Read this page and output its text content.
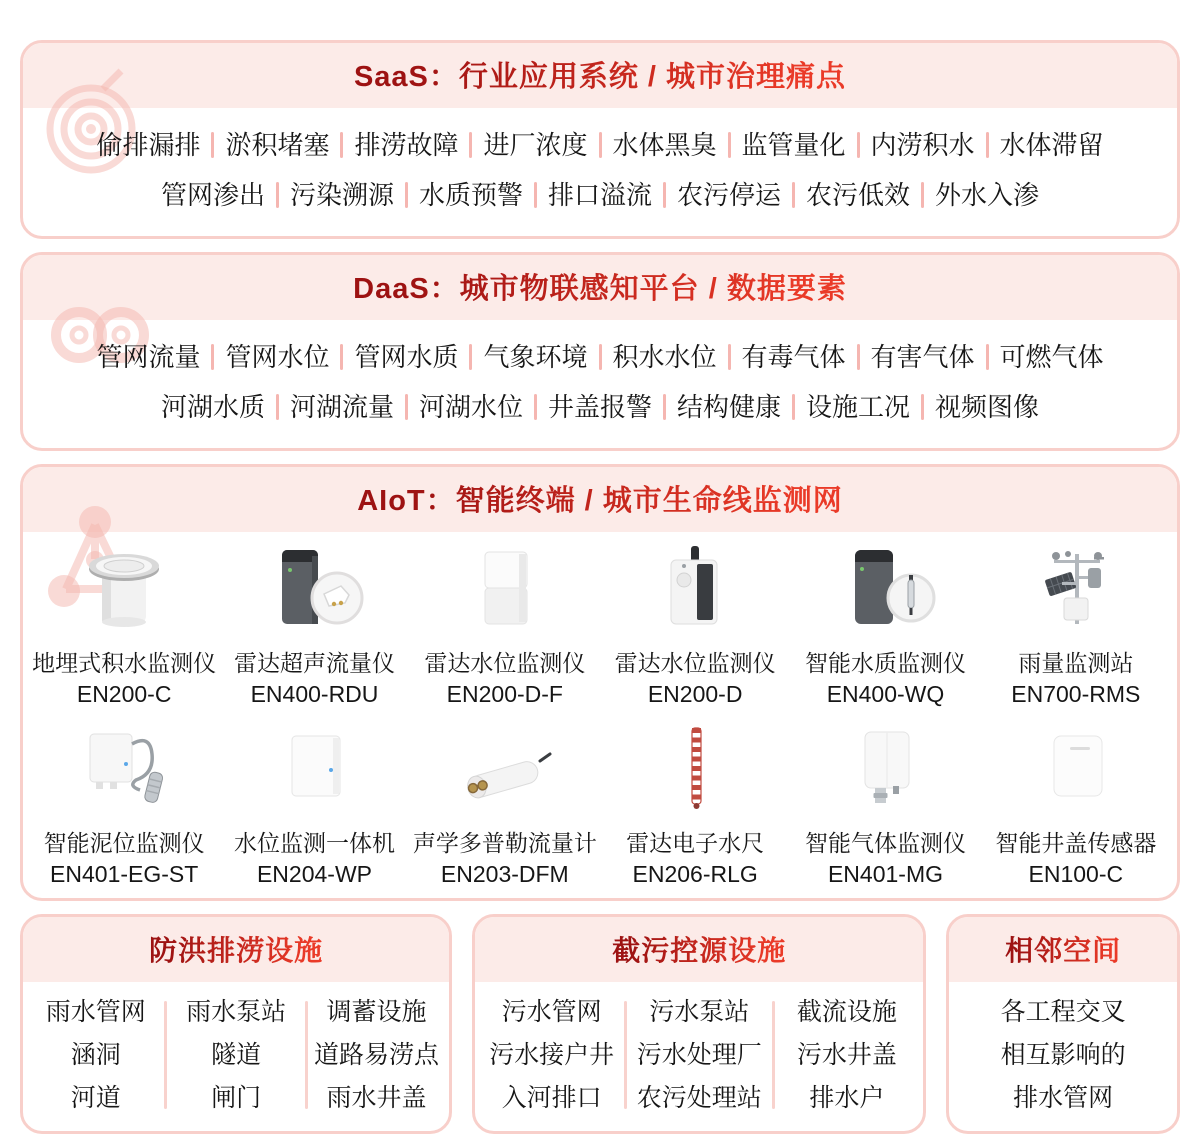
SaaS：行业应用系统 / 城市治理痛点
偷排漏排 淤积堵塞 排涝故障 进厂浓度 水体黑臭 监管量化 内涝积水 水体滞留
管网渗出 污染溯源 水质预警 排口溢流 农污停运 农污低效 外水入渗
DaaS：城市物联感知平台 / 数据要素
管网流量 管网水位 管网水质 气象环境 积水水位 有毒气体 有害气体 可燃气体
河湖水质 河湖流量 河湖水位 井盖报警 结构健康 设施工况 视频图像
AIoT：智能终端 / 城市生命线监测网
地埋式积水监测仪
EN200-C
雷达超声流量仪
EN400-RDU
雷达水位监测仪
EN200-D-F
雷达水位监测仪
EN200-D
智能水质监测仪
EN400-WQ
雨量监测站
EN700-RMS
智能泥位监测仪
EN401-EG-ST
水位监测一体机
EN204-WP
声学多普勒流量计
EN203-DFM
雷达电子水尺
EN206-RLG
智能气体监测仪
EN401-MG
智能井盖传感器
EN100-C
防洪排涝设施
雨水管网
涵洞
河道
雨水泵站
隧道
闸门
调蓄设施
道路易涝点
雨水井盖
截污控源设施
污水管网
污水接户井
入河排口
污水泵站
污水处理厂
农污处理站
截流设施
污水井盖
排水户
相邻空间
各工程交叉
相互影响的
排水管网
